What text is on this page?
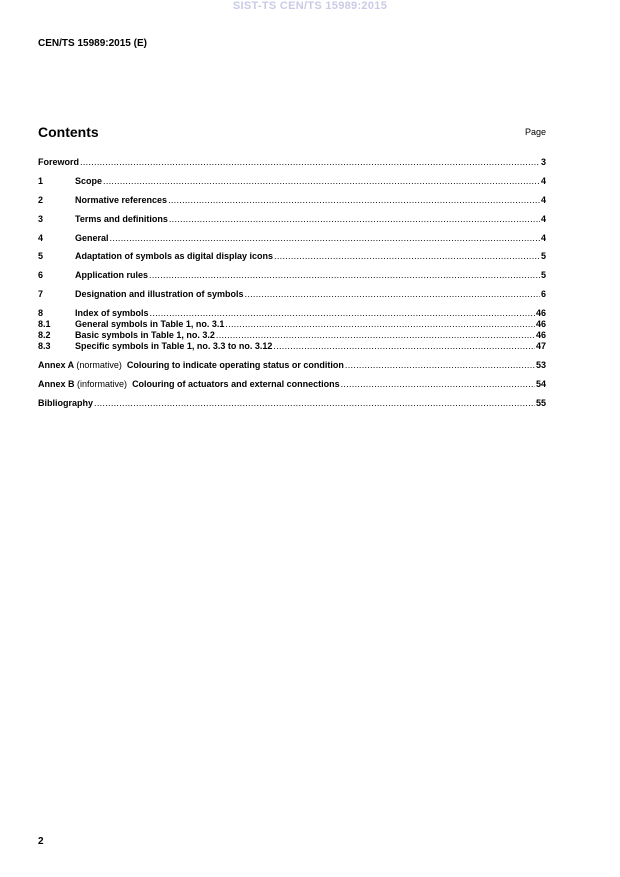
SIST-TS CEN/TS 15989:2015
CEN/TS 15989:2015 (E)
Contents	Page
Foreword .....	3
1	Scope .....	4
2	Normative references .....	4
3	Terms and definitions .....	4
4	General .....	4
5	Adaptation of symbols as digital display icons .....	5
6	Application rules .....	5
7	Designation and illustration of symbols .....	6
8	Index of symbols .....	46
8.1	General symbols in Table 1, no. 3.1 .....	46
8.2	Basic symbols in Table 1, no. 3.2 .....	46
8.3	Specific symbols in Table 1, no. 3.3 to no. 3.12 .....	47
Annex A (normative) Colouring to indicate operating status or condition .....	53
Annex B (informative) Colouring of actuators and external connections .....	54
Bibliography .....	55
2
